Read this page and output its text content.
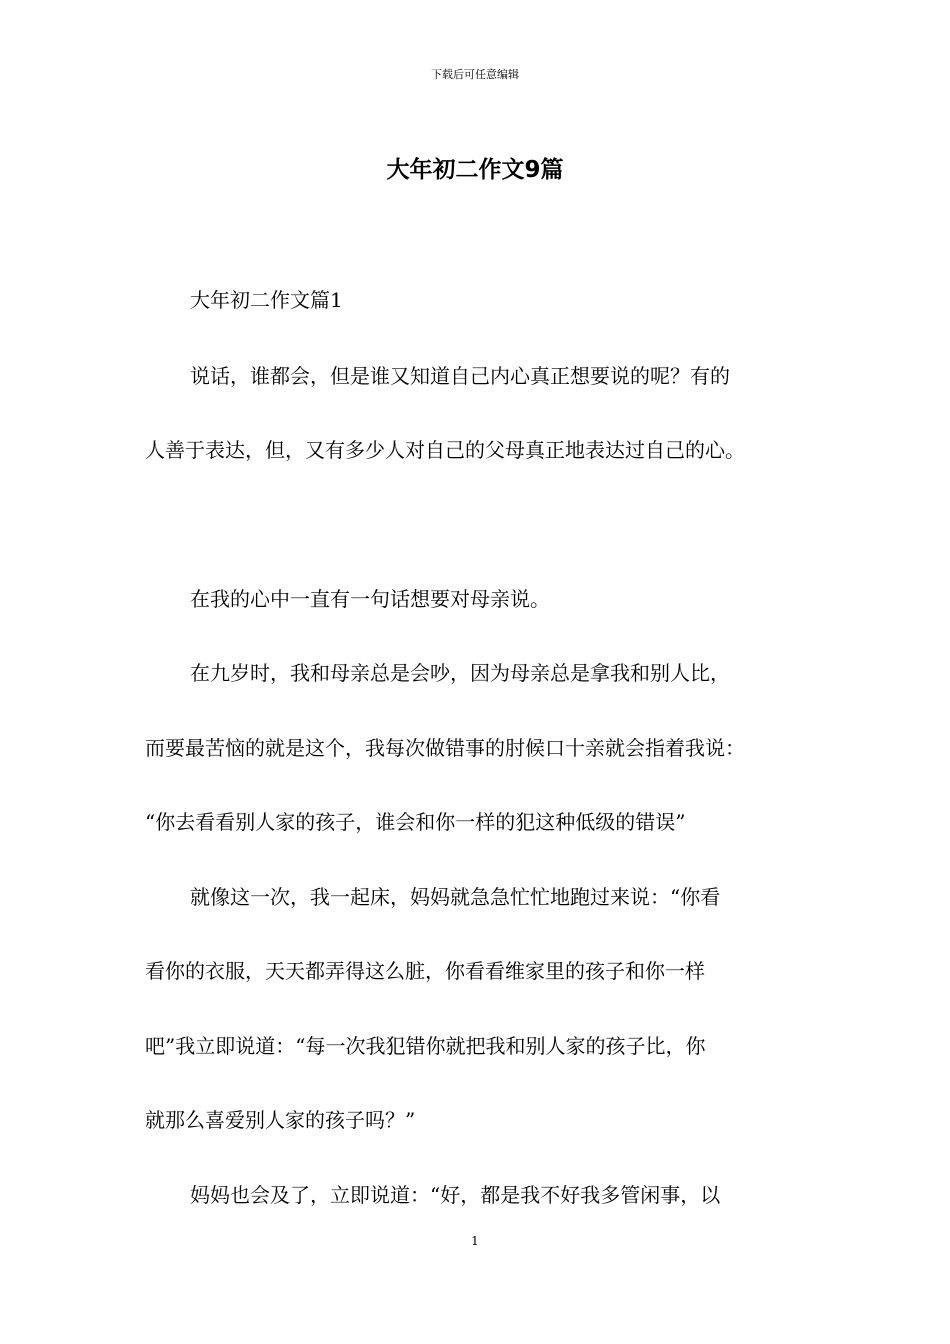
下载后可任意编辑
大年初二作文9篇
大年初二作文篇1
说话，谁都会，但是谁又知道自己内心真正想要说的呢？有的
人善于表达，但，又有多少人对自己的父母真正地表达过自己的心。
在我的心中一直有一句话想要对母亲说。
在九岁时，我和母亲总是会吵，因为母亲总是拿我和别人比，
而要最苦恼的就是这个，我每次做错事的肘候口十亲就会指着我说：
“你去看看别人家的孩子，谁会和你一样的犯这种低级的错误”
就像这一次，我一起床，妈妈就急急忙忙地跑过来说：“你看
看你的衣服，天天都弄得这么脏，你看看维家里的孩子和你一样
吧”我立即说道：“每一次我犯错你就把我和别人家的孩子比，你
就那么喜爱别人家的孩子吗？”
妈妈也会及了，立即说道：“好，都是我不好我多管闲事，以
1
